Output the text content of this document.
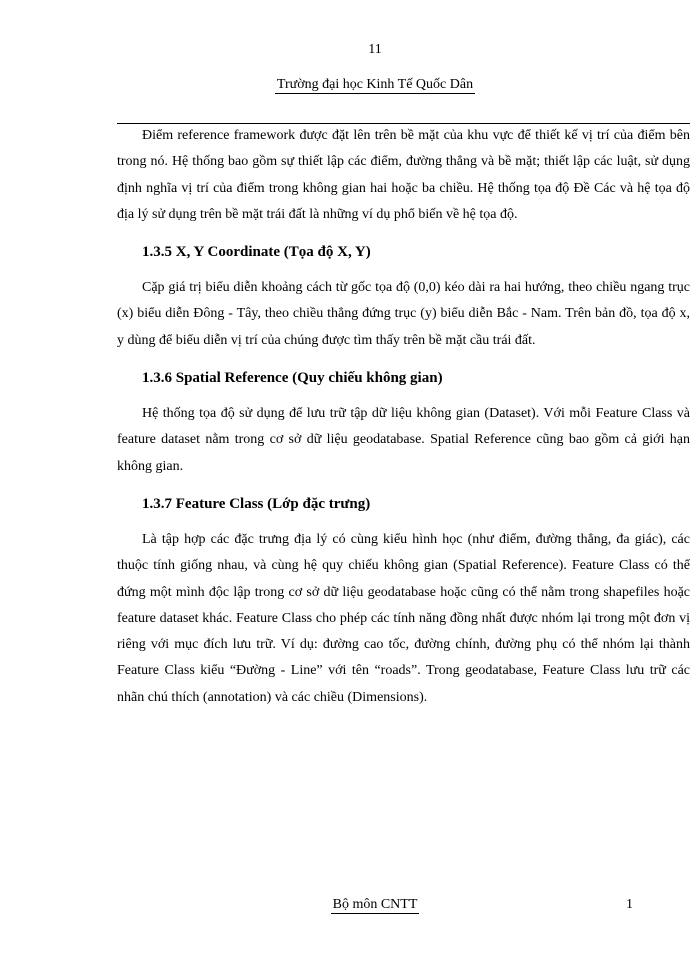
11
Trường đại học Kinh Tế Quốc Dân

Điểm reference framework được đặt lên trên bề mặt của khu vực để thiết kế vị trí của điểm bên trong nó. Hệ thống bao gồm sự thiết lập các điểm, đường thẳng và bề mặt; thiết lập các luật, sử dụng định nghĩa vị trí của điểm trong không gian hai hoặc ba chiều. Hệ thống tọa độ Đề Các và hệ tọa độ địa lý sử dụng trên bề mặt trái đất là những ví dụ phổ biến về hệ tọa độ.

1.3.5 X, Y Coordinate (Tọa độ X, Y)

Cặp giá trị biểu diễn khoảng cách từ gốc tọa độ (0,0) kéo dài ra hai hướng, theo chiều ngang trục (x) biểu diễn Đông - Tây, theo chiều thẳng đứng trục (y) biểu diễn Bắc - Nam. Trên bản đồ, tọa độ x, y dùng để biểu diễn vị trí của chúng được tìm thấy trên bề mặt cầu trái đất.

1.3.6 Spatial Reference (Quy chiếu không gian)

Hệ thống tọa độ sử dụng để lưu trữ tập dữ liệu không gian (Dataset). Với mỗi Feature Class và feature dataset nằm trong cơ sở dữ liệu geodatabase. Spatial Reference cũng bao gồm cả giới hạn không gian.

1.3.7 Feature Class (Lớp đặc trưng)

Là tập hợp các đặc trưng địa lý có cùng kiểu hình học (như điểm, đường thẳng, đa giác), các thuộc tính giống nhau, và cùng hệ quy chiếu không gian (Spatial Reference). Feature Class có thể đứng một mình độc lập trong cơ sở dữ liệu geodatabase hoặc cũng có thể nằm trong shapefiles hoặc feature dataset khác. Feature Class cho phép các tính năng đồng nhất được nhóm lại trong một đơn vị riêng với mục đích lưu trữ. Ví dụ: đường cao tốc, đường chính, đường phụ có thể nhóm lại thành Feature Class kiểu “Đường - Line” với tên “roads”. Trong geodatabase, Feature Class lưu trữ các nhãn chú thích (annotation) và các chiều (Dimensions).

Bộ môn CNTT	1
